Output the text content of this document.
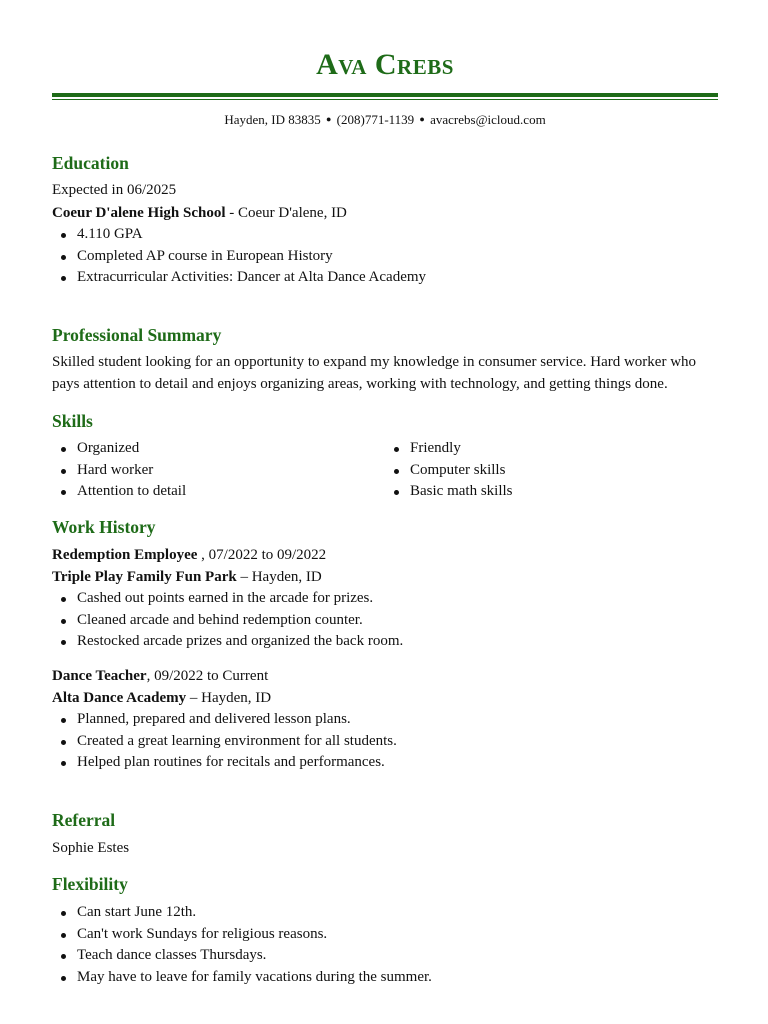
Ava Crebs
Hayden, ID 83835 ● (208)771-1139 ● avacrebs@icloud.com
Education
Expected in 06/2025
Coeur D'alene High School - Coeur D'alene, ID
4.110 GPA
Completed AP course in European History
Extracurricular Activities: Dancer at Alta Dance Academy
Professional Summary
Skilled student looking for an opportunity to expand my knowledge in consumer service. Hard worker who
pays attention to detail and enjoys organizing areas, working with technology, and getting things done.
Skills
Organized
Hard worker
Attention to detail
Friendly
Computer skills
Basic math skills
Work History
Redemption Employee , 07/2022 to 09/2022
Triple Play Family Fun Park – Hayden, ID
Cashed out points earned in the arcade for prizes.
Cleaned arcade and behind redemption counter.
Restocked arcade prizes and organized the back room.
Dance Teacher, 09/2022 to Current
Alta Dance Academy – Hayden, ID
Planned, prepared and delivered lesson plans.
Created a great learning environment for all students.
Helped plan routines for recitals and performances.
Referral
Sophie Estes
Flexibility
Can start June 12th.
Can't work Sundays for religious reasons.
Teach dance classes Thursdays.
May have to leave for family vacations during the summer.
